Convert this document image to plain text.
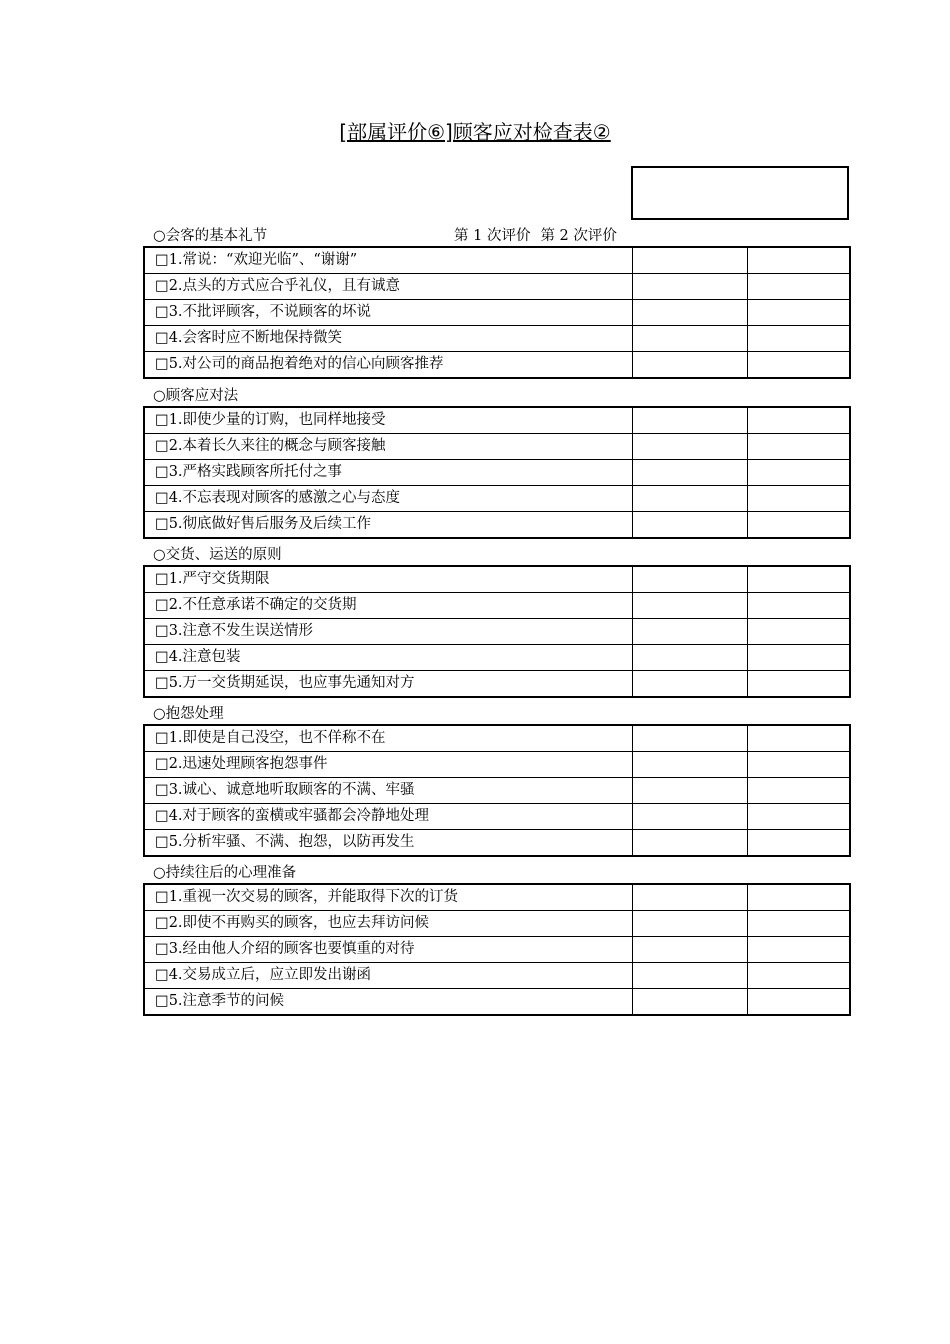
[部属评价⑥]顾客应对检查表②
○会客的基本礼节	第 1 次评价 第 2 次评价
□1.常说：“欢迎光临”、“谢谢”		
□2.点头的方式应合乎礼仪，且有诚意		
□3.不批评顾客，不说顾客的坏说		
□4.会客时应不断地保持微笑		
□5.对公司的商品抱着绝对的信心向顾客推荐		
○顾客应对法
□1.即使少量的订购，也同样地接受		
□2.本着长久来往的概念与顾客接触		
□3.严格实践顾客所托付之事		
□4.不忘表现对顾客的感激之心与态度		
□5.彻底做好售后服务及后续工作		
○交货、运送的原则
□1.严守交货期限		
□2.不任意承诺不确定的交货期		
□3.注意不发生误送情形		
□4.注意包装		
□5.万一交货期延误，也应事先通知对方		
○抱怨处理
□1.即使是自己没空，也不佯称不在		
□2.迅速处理顾客抱怨事件		
□3.诚心、诚意地听取顾客的不满、牢骚		
□4.对于顾客的蛮横或牢骚都会冷静地处理		
□5.分析牢骚、不满、抱怨，以防再发生		
○持续往后的心理准备
□1.重视一次交易的顾客，并能取得下次的订货		
□2.即使不再购买的顾客，也应去拜访问候		
□3.经由他人介绍的顾客也要慎重的对待		
□4.交易成立后，应立即发出谢函		
□5.注意季节的问候		
